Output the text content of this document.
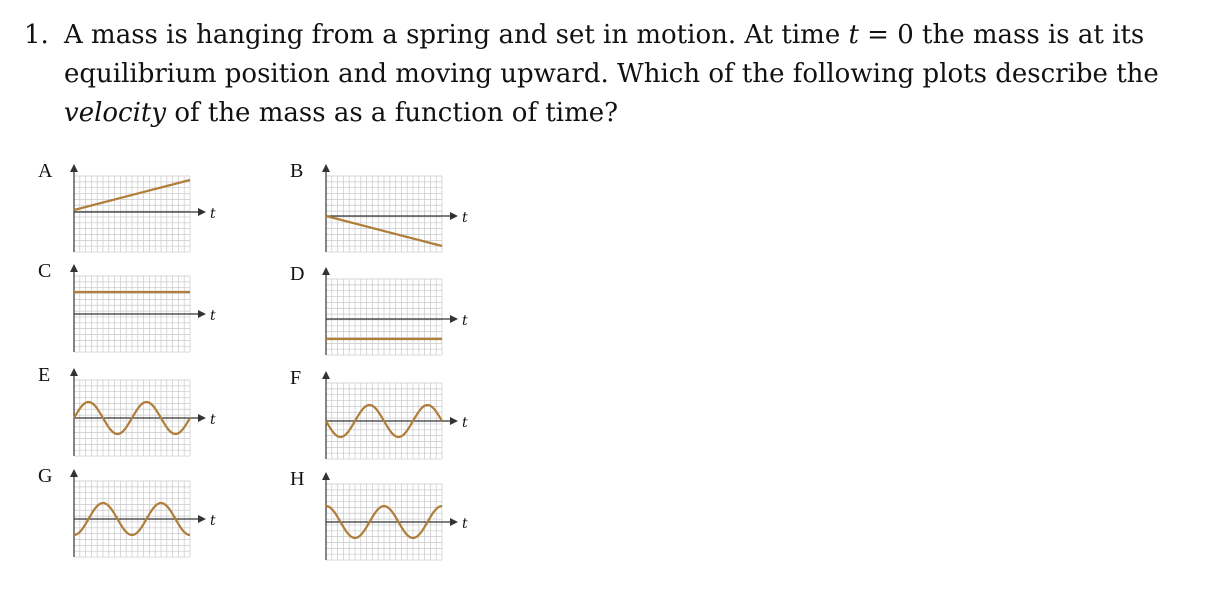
1. A mass is hanging from a spring and set in motion. At time t = 0 the mass is at its equilibrium position and moving upward. Which of the following plots describe the velocity of the mass as a function of time?
A
t
B
t
C
t
D
t
E
t
F
t
G
t
H
t
